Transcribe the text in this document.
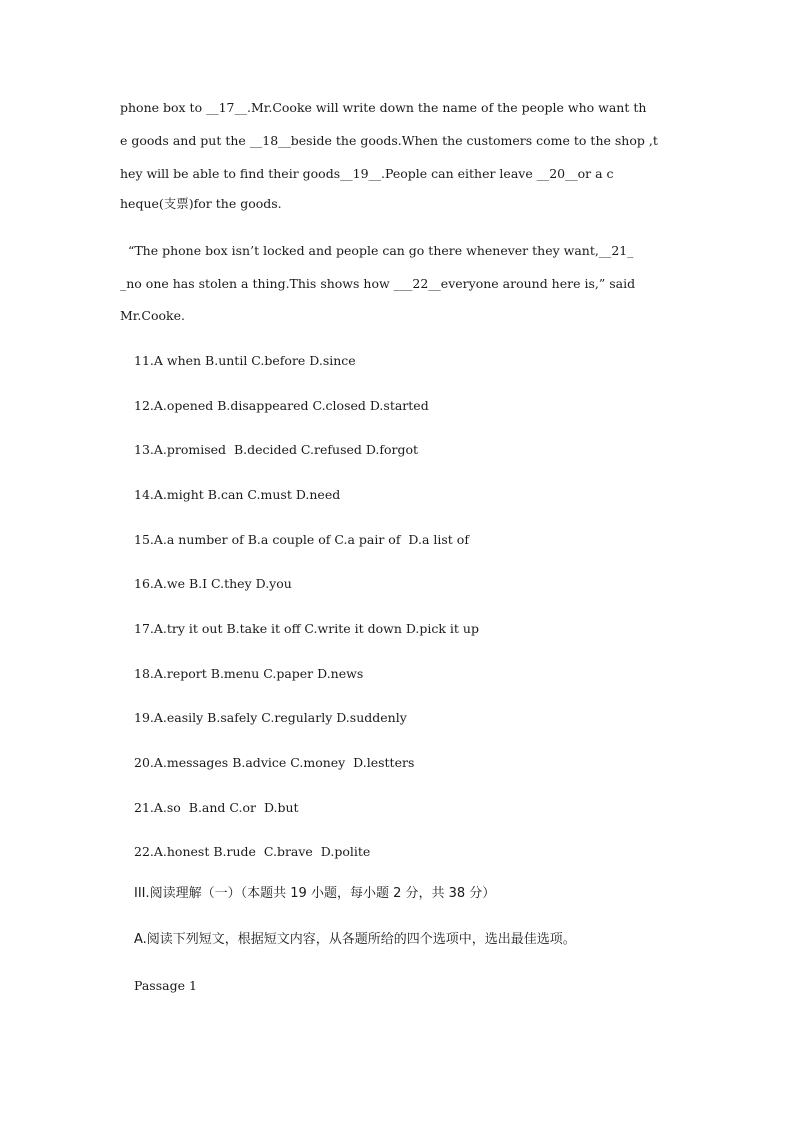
phone box to __17__.Mr.Cooke will write down the name of the people who want th
e goods and put the __18__beside the goods.When the customers come to the shop ,t
hey will be able to find their goods__19__.People can either leave __20__or a c
heque(支票)for the goods.
“The phone box isn’t locked and people can go there whenever they want,__21_
_no one has stolen a thing.This shows how ___22__everyone around here is,” said
Mr.Cooke.
11.A when B.until C.before D.since
12.A.opened B.disappeared C.closed D.started
13.A.promised  B.decided C.refused D.forgot
14.A.might B.can C.must D.need
15.A.a number of B.a couple of C.a pair of  D.a list of
16.A.we B.I C.they D.you
17.A.try it out B.take it off C.write it down D.pick it up
18.A.report B.menu C.paper D.news
19.A.easily B.safely C.regularly D.suddenly
20.A.messages B.advice C.money  D.lestters
21.A.so  B.and C.or  D.but
22.A.honest B.rude  C.brave  D.polite
III.阅读理解（一）（本题共 19 小题，每小题 2 分，共 38 分）
A.阅读下列短文，根据短文内容，从各题所给的四个选项中，选出最佳选项。
Passage 1
